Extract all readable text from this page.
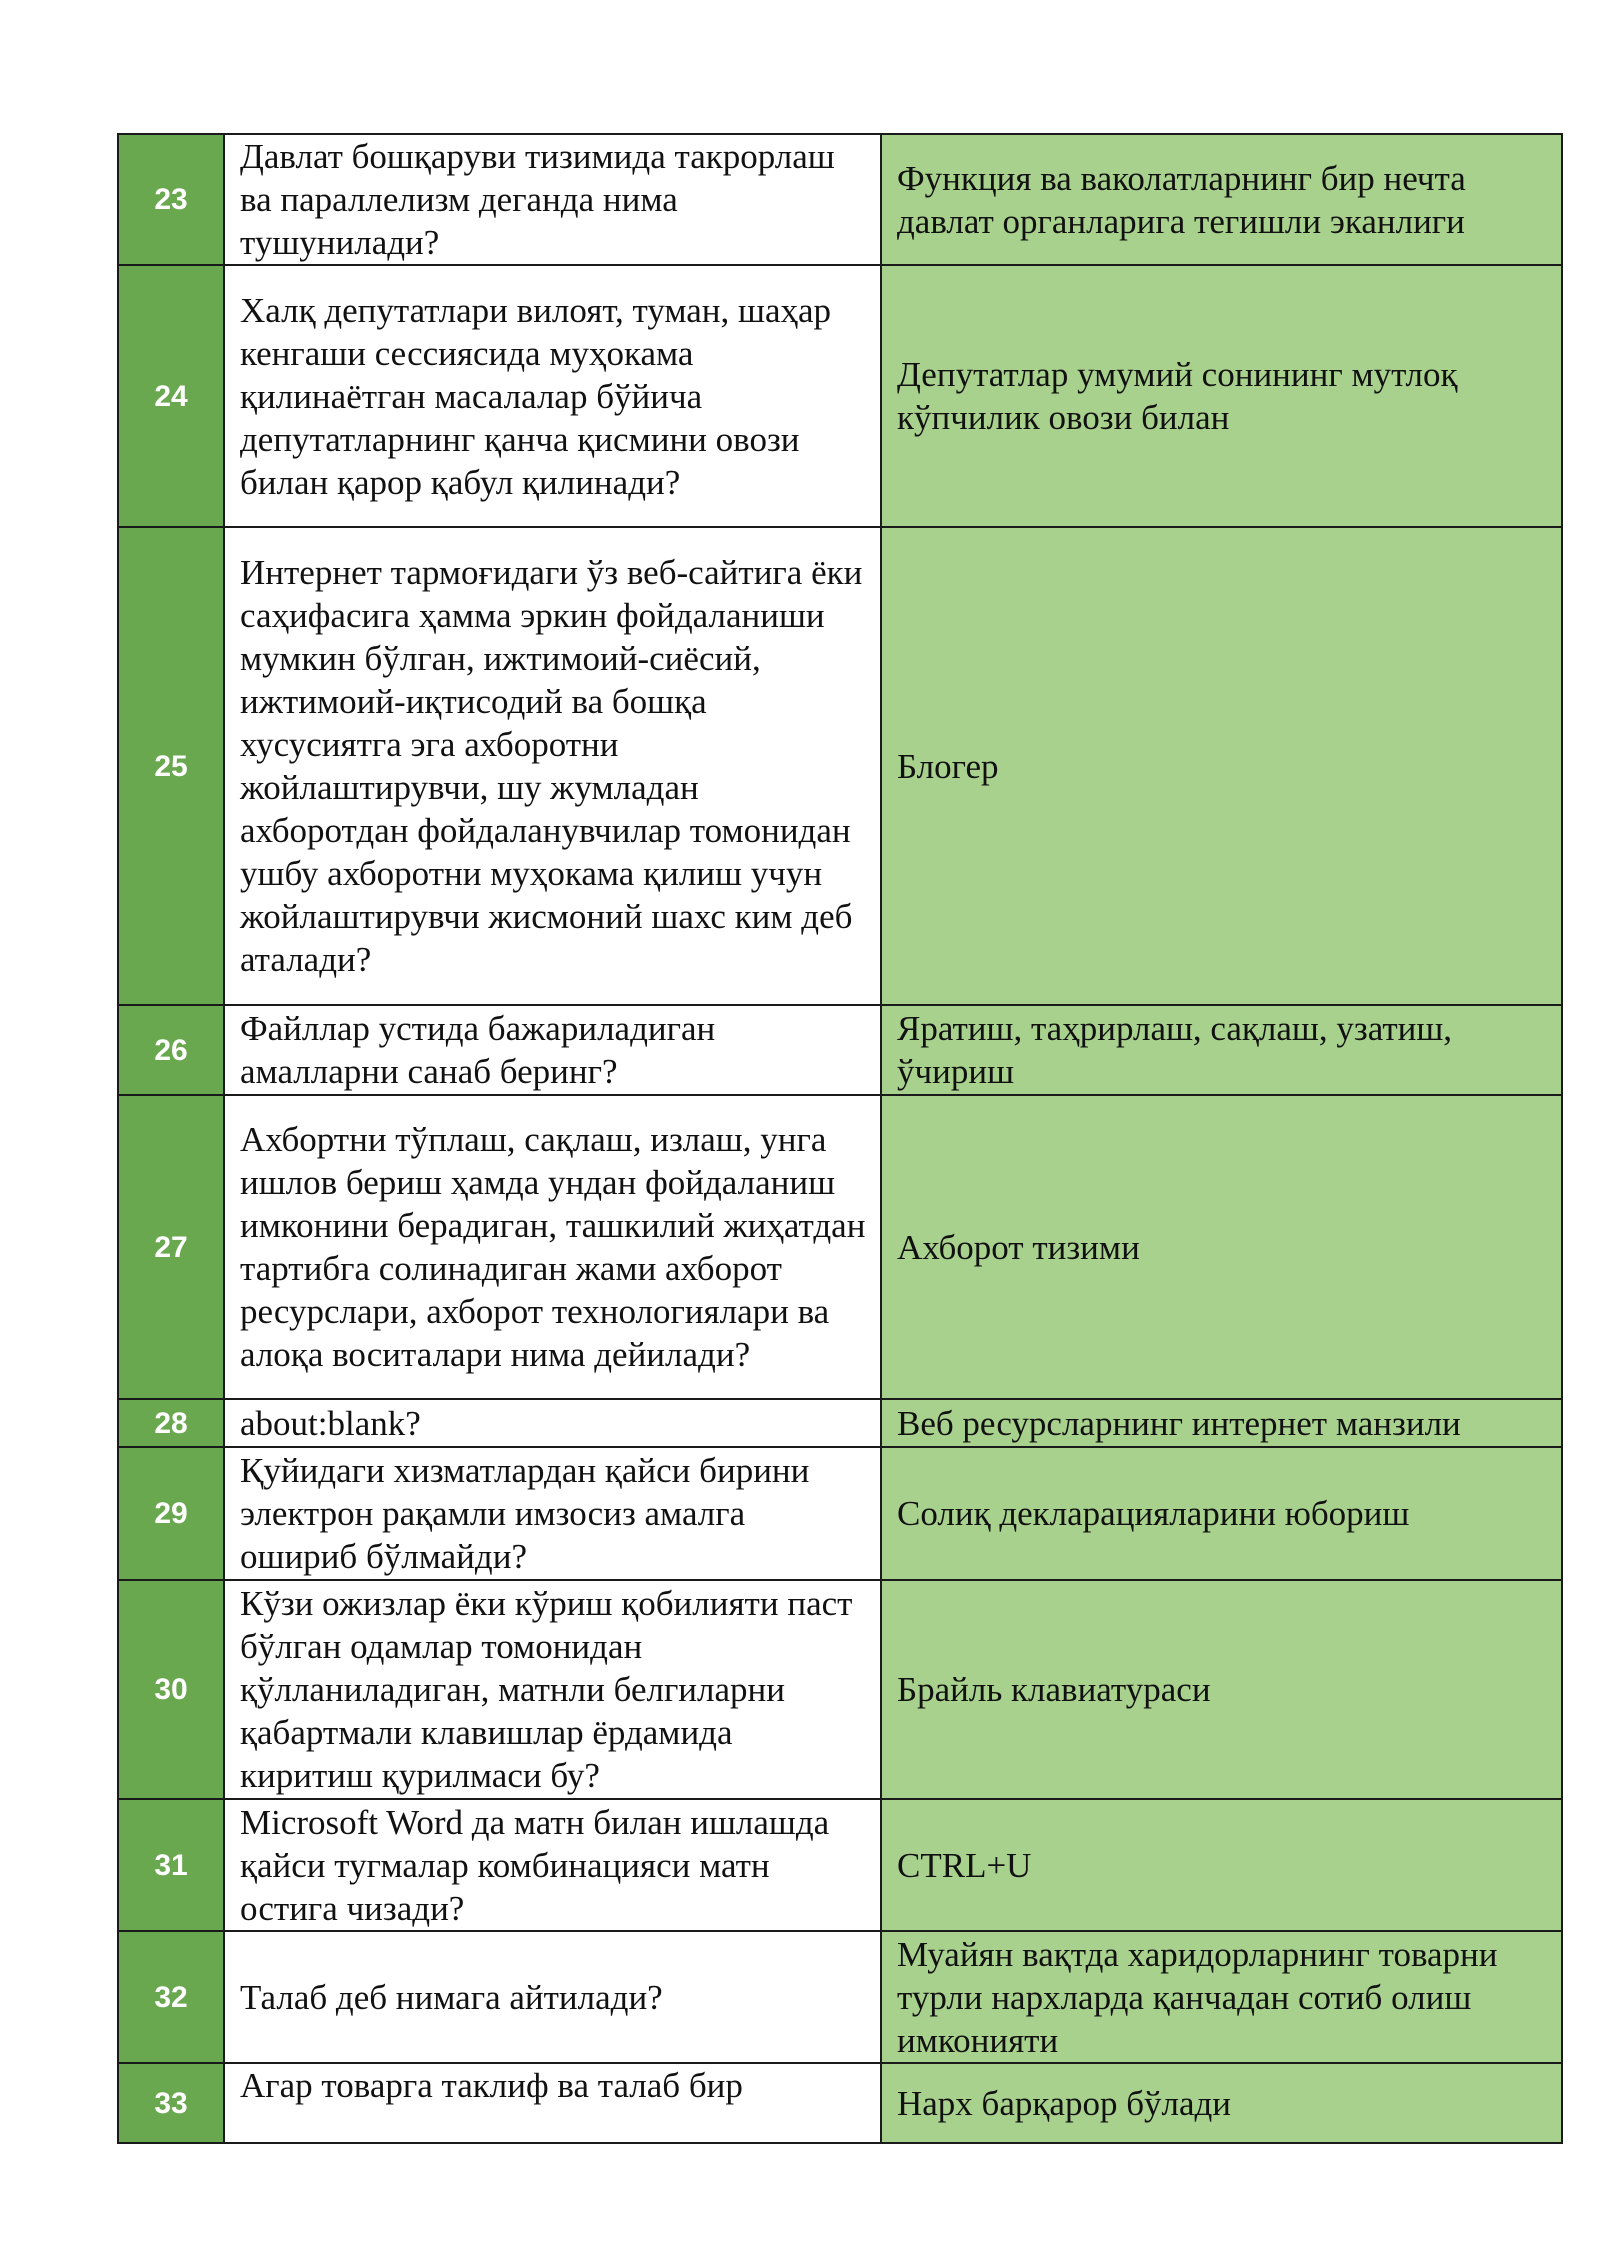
23	Давлат бошқаруви тизимида такрорлаш ва параллелизм деганда нима тушунилади?	Функция ва ваколатларнинг бир нечта давлат органларига тегишли эканлиги
24	Халқ депутатлари вилоят, туман, шаҳар кенгаши сессиясида муҳокама қилинаётган масалалар бўйича депутатларнинг қанча қисмини овози билан қарор қабул қилинади?	Депутатлар умумий сонининг мутлоқ кўпчилик овози билан
25	Интернет тармоғидаги ўз веб-сайтига ёки саҳифасига ҳамма эркин фойдаланиши мумкин бўлган, ижтимоий-сиёсий, ижтимоий-иқтисодий ва бошқа хусусиятга эга ахборотни жойлаштирувчи, шу жумладан ахборотдан фойдаланувчилар томонидан ушбу ахборотни муҳокама қилиш учун жойлаштирувчи жисмоний шахс ким деб аталади?	Блогер
26	Файллар устида бажариладиган амалларни санаб беринг?	Яратиш, таҳрирлаш, сақлаш, узатиш, ўчириш
27	Ахбортни тўплаш, сақлаш, излаш, унга ишлов бериш ҳамда ундан фойдаланиш имконини берадиган, ташкилий жиҳатдан тартибга солинадиган жами ахборот ресурслари, ахборот технологиялари ва алоқа воситалари нима дейилади?	Ахборот тизими
28	about:blank?	Веб ресурсларнинг интернет манзили
29	Қуйидаги хизматлардан қайси бирини электрон рақамли имзосиз амалга ошириб бўлмайди?	Солиқ декларацияларини юбориш
30	Кўзи ожизлар ёки кўриш қобилияти паст бўлган одамлар томонидан қўлланиладиган, матнли белгиларни қабартмали клавишлар ёрдамида киритиш қурилмаси бу?	Брайль клавиатураси
31	Microsoft Word да матн билан ишлашда қайси тугмалар комбинацияси матн остига чизади?	CTRL+U
32	Талаб деб нимага айтилади?	Муайян вақтда харидорларнинг товарни турли нархларда қанчадан сотиб олиш имконияти
33	Агар товарга таклиф ва талаб бир	Нарх барқарор бўлади
